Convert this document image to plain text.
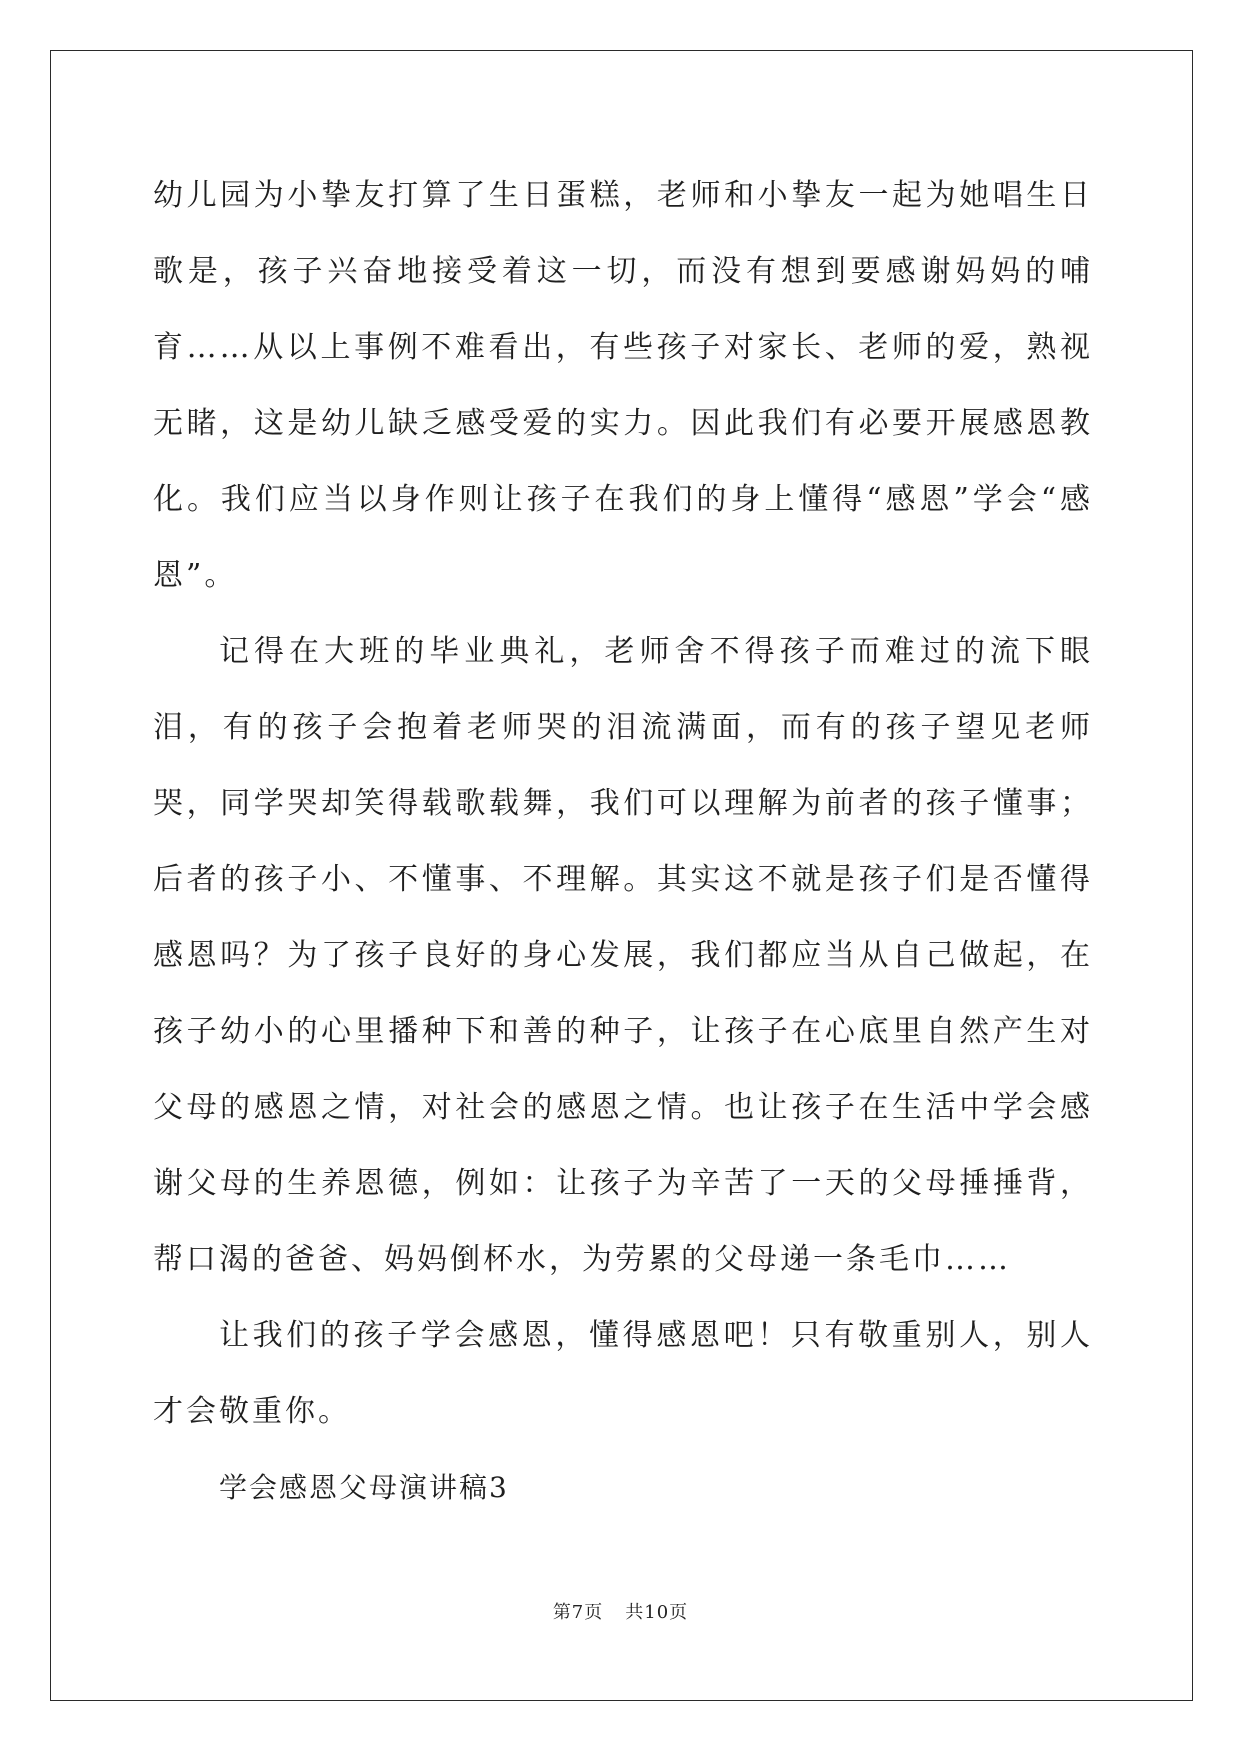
幼儿园为小挚友打算了生日蛋糕，老师和小挚友一起为她唱生日歌是，孩子兴奋地接受着这一切，而没有想到要感谢妈妈的哺育……从以上事例不难看出，有些孩子对家长、老师的爱，熟视无睹，这是幼儿缺乏感受爱的实力。因此我们有必要开展感恩教化。我们应当以身作则让孩子在我们的身上懂得“感恩”学会“感恩”。

记得在大班的毕业典礼，老师舍不得孩子而难过的流下眼泪，有的孩子会抱着老师哭的泪流满面，而有的孩子望见老师哭，同学哭却笑得载歌载舞，我们可以理解为前者的孩子懂事；后者的孩子小、不懂事、不理解。其实这不就是孩子们是否懂得感恩吗？为了孩子良好的身心发展，我们都应当从自己做起，在孩子幼小的心里播种下和善的种子，让孩子在心底里自然产生对父母的感恩之情，对社会的感恩之情。也让孩子在生活中学会感谢父母的生养恩德，例如：让孩子为辛苦了一天的父母捶捶背，帮口渴的爸爸、妈妈倒杯水，为劳累的父母递一条毛巾……

让我们的孩子学会感恩，懂得感恩吧！只有敬重别人，别人才会敬重你。

学会感恩父母演讲稿3

第7页 共10页
